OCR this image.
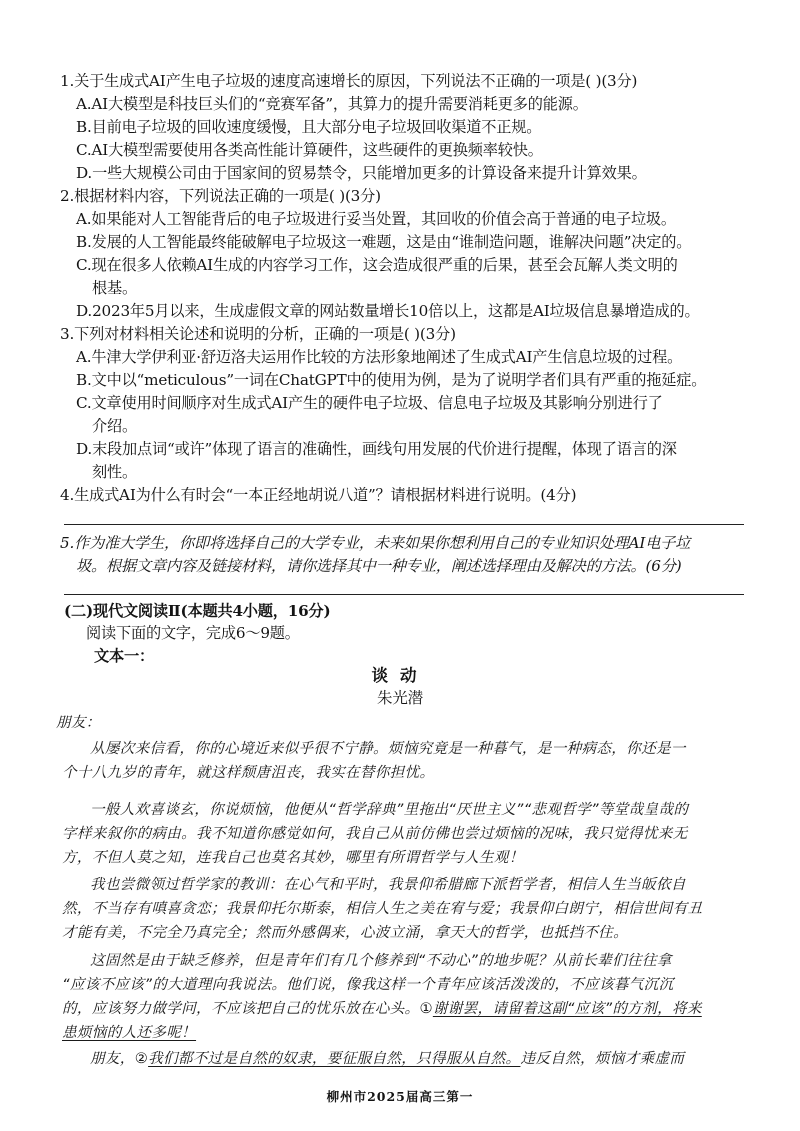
1.关于生成式AI产生电子垃圾的速度高速增长的原因，下列说法不正确的一项是( )(3分)
A.AI大模型是科技巨头们的“竞赛军备”，其算力的提升需要消耗更多的能源。
B.目前电子垃圾的回收速度缓慢，且大部分电子垃圾回收渠道不正规。
C.AI大模型需要使用各类高性能计算硬件，这些硬件的更换频率较快。
D.一些大规模公司由于国家间的贸易禁令，只能增加更多的计算设备来提升计算效果。
2.根据材料内容，下列说法正确的一项是( )(3分)
A.如果能对人工智能背后的电子垃圾进行妥当处置，其回收的价值会高于普通的电子垃圾。
B.发展的人工智能最终能破解电子垃圾这一难题，这是由“谁制造问题，谁解决问题”决定的。
C.现在很多人依赖AI生成的内容学习工作，这会造成很严重的后果，甚至会瓦解人类文明的
根基。
D.2023年5月以来，生成虚假文章的网站数量增长10倍以上，这都是AI垃圾信息暴增造成的。
3.下列对材料相关论述和说明的分析，正确的一项是( )(3分)
A.牛津大学伊利亚·舒迈洛夫运用作比较的方法形象地阐述了生成式AI产生信息垃圾的过程。
B.文中以“meticulous”一词在ChatGPT中的使用为例，是为了说明学者们具有严重的拖延症。
C.文章使用时间顺序对生成式AI产生的硬件电子垃圾、信息电子垃圾及其影响分别进行了
介绍。
D.末段加点词“或许”体现了语言的准确性，画线句用发展的代价进行提醒，体现了语言的深
刻性。
4.生成式AI为什么有时会“一本正经地胡说八道”？请根据材料进行说明。(4分)
5.作为准大学生，你即将选择自己的大学专业，未来如果你想利用自己的专业知识处理AI电子垃
圾。根据文章内容及链接材料，请你选择其中一种专业，阐述选择理由及解决的方法。(6分)
(二)现代文阅读Ⅱ(本题共4小题，16分)
阅读下面的文字，完成6～9题。
文本一：
谈动
朱光潜
朋友：
从屡次来信看，你的心境近来似乎很不宁静。烦恼究竟是一种暮气，是一种病态，你还是一
个十八九岁的青年，就这样颓唐沮丧，我实在替你担忧。
一般人欢喜谈玄，你说烦恼，他便从“哲学辞典”里拖出“厌世主义”“悲观哲学”等堂哉皇哉的
字样来叙你的病由。我不知道你感觉如何，我自己从前仿佛也尝过烦恼的况味，我只觉得忧来无
方，不但人莫之知，连我自己也莫名其妙，哪里有所谓哲学与人生观！
我也尝微领过哲学家的教训：在心气和平时，我景仰希腊廊下派哲学者，相信人生当皈依自
然，不当存有嗔喜贪恋；我景仰托尔斯泰，相信人生之美在宥与爱；我景仰白朗宁，相信世间有丑
才能有美，不完全乃真完全；然而外感偶来，心波立涌，拿天大的哲学，也抵挡不住。
这固然是由于缺乏修养，但是青年们有几个修养到“不动心”的地步呢？从前长辈们往往拿
“应该不应该”的大道理向我说法。他们说，像我这样一个青年应该活泼泼的，不应该暮气沉沉
的，应该努力做学问，不应该把自己的忧乐放在心头。①谢谢罢，请留着这副“应该”的方剂，将来
患烦恼的人还多呢！
朋友，②我们都不过是自然的奴隶，要征服自然，只得服从自然。违反自然，烦恼才乘虚而
柳州市2025届高三第一
